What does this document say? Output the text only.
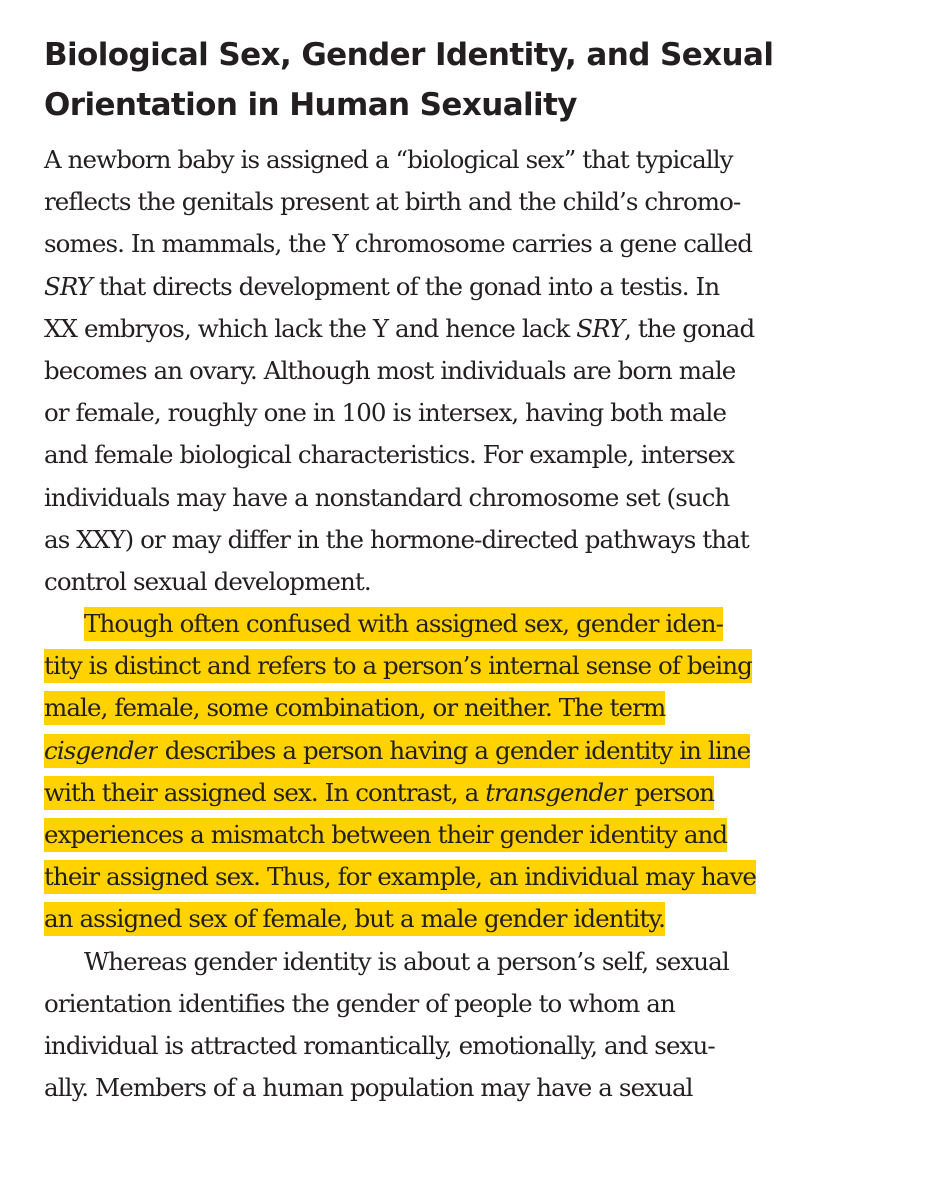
Biological Sex, Gender Identity, and Sexual
Orientation in Human Sexuality
A newborn baby is assigned a “biological sex” that typically
reflects the genitals present at birth and the child’s chromo-
somes. In mammals, the Y chromosome carries a gene called
SRY that directs development of the gonad into a testis. In
XX embryos, which lack the Y and hence lack SRY, the gonad
becomes an ovary. Although most individuals are born male
or female, roughly one in 100 is intersex, having both male
and female biological characteristics. For example, intersex
individuals may have a nonstandard chromosome set (such
as XXY) or may differ in the hormone-directed pathways that
control sexual development.
Though often confused with assigned sex, gender iden-
tity is distinct and refers to a person’s internal sense of being
male, female, some combination, or neither. The term
cisgender describes a person having a gender identity in line
with their assigned sex. In contrast, a transgender person
experiences a mismatch between their gender identity and
their assigned sex. Thus, for example, an individual may have
an assigned sex of female, but a male gender identity.
Whereas gender identity is about a person’s self, sexual
orientation identifies the gender of people to whom an
individual is attracted romantically, emotionally, and sexu-
ally. Members of a human population may have a sexual
